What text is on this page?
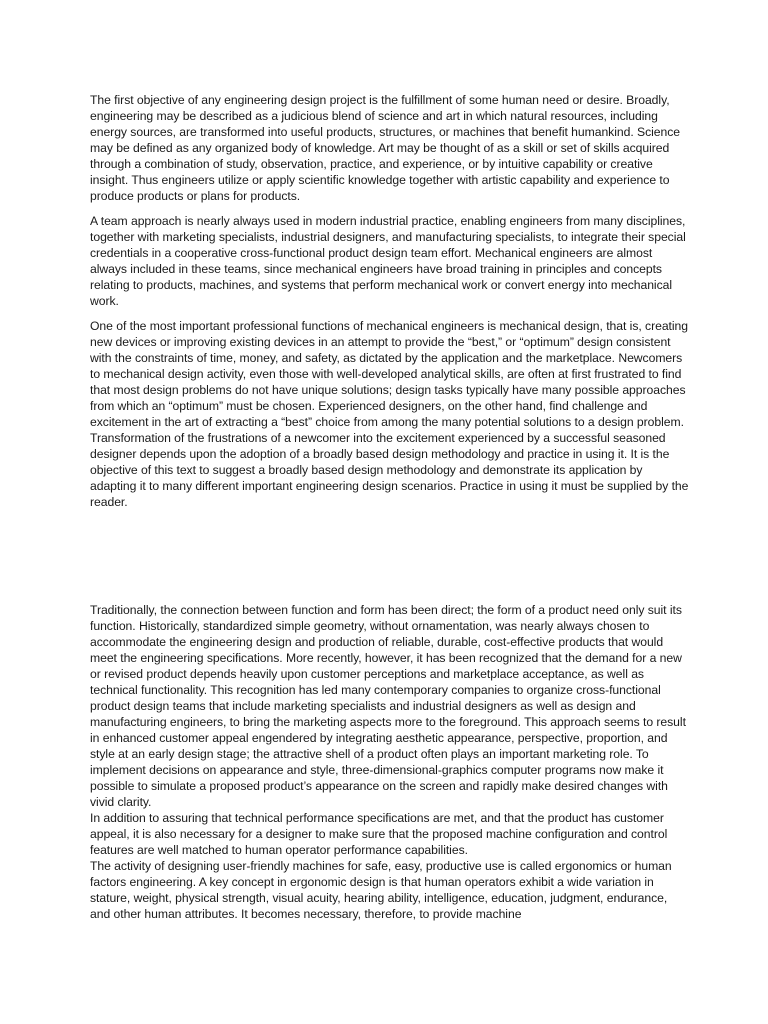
The first objective of any engineering design project is the fulfillment of some human need or desire. Broadly, engineering may be described as a judicious blend of science and art in which natural resources, including energy sources, are transformed into useful products, structures, or machines that benefit humankind. Science may be defined as any organized body of knowledge. Art may be thought of as a skill or set of skills acquired through a combination of study, observation, practice, and experience, or by intuitive capability or creative insight. Thus engineers utilize or apply scientific knowledge together with artistic capability and experience to produce products or plans for products.

A team approach is nearly always used in modern industrial practice, enabling engineers from many disciplines, together with marketing specialists, industrial designers, and manufacturing specialists, to integrate their special credentials in a cooperative cross-functional product design team effort. Mechanical engineers are almost always included in these teams, since mechanical engineers have broad training in principles and concepts relating to products, machines, and systems that perform mechanical work or convert energy into mechanical work.

One of the most important professional functions of mechanical engineers is mechanical design, that is, creating new devices or improving existing devices in an attempt to provide the “best,” or “optimum” design consistent with the constraints of time, money, and safety, as dictated by the application and the marketplace. Newcomers to mechanical design activity, even those with well-developed analytical skills, are often at first frustrated to find that most design problems do not have unique solutions; design tasks typically have many possible approaches from which an “optimum” must be chosen. Experienced designers, on the other hand, find challenge and excitement in the art of extracting a “best” choice from among the many potential solutions to a design problem. Transformation of the frustrations of a newcomer into the excitement experienced by a successful seasoned designer depends upon the adoption of a broadly based design methodology and practice in using it. It is the objective of this text to suggest a broadly based design methodology and demonstrate its application by adapting it to many different important engineering design scenarios. Practice in using it must be supplied by the reader.

Traditionally, the connection between function and form has been direct; the form of a product need only suit its function. Historically, standardized simple geometry, without ornamentation, was nearly always chosen to accommodate the engineering design and production of reliable, durable, cost-effective products that would meet the engineering specifications. More recently, however, it has been recognized that the demand for a new or revised product depends heavily upon customer perceptions and marketplace acceptance, as well as technical functionality. This recognition has led many contemporary companies to organize cross-functional product design teams that include marketing specialists and industrial designers as well as design and manufacturing engineers, to bring the marketing aspects more to the foreground. This approach seems to result in enhanced customer appeal engendered by integrating aesthetic appearance, perspective, proportion, and style at an early design stage; the attractive shell of a product often plays an important marketing role. To implement decisions on appearance and style, three-dimensional-graphics computer programs now make it possible to simulate a proposed product’s appearance on the screen and rapidly make desired changes with vivid clarity.

In addition to assuring that technical performance specifications are met, and that the product has customer appeal, it is also necessary for a designer to make sure that the proposed machine configuration and control features are well matched to human operator performance capabilities.

The activity of designing user-friendly machines for safe, easy, productive use is called ergonomics or human factors engineering. A key concept in ergonomic design is that human operators exhibit a wide variation in stature, weight, physical strength, visual acuity, hearing ability, intelligence, education, judgment, endurance, and other human attributes. It becomes necessary, therefore, to provide machine
